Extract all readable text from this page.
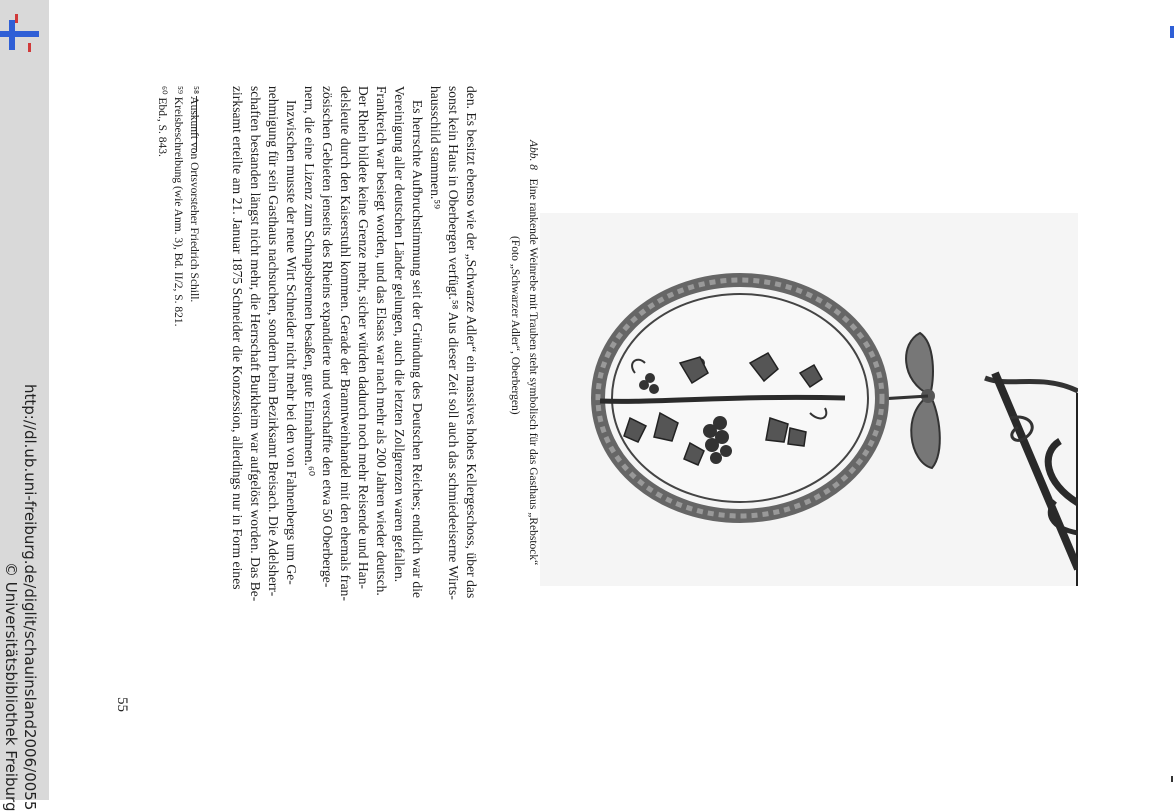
http://dl.ub.uni-freiburg.de/diglit/schauinsland2006/0055
© Universitätsbibliothek Freiburg	55
Abb. 8   Eine rankende Weinrebe mit Trauben steht symbolisch für das Gasthaus „Rebstock“
(Foto „Schwarzer Adler“, Oberbergen)
den. Es besitzt ebenso wie der „Schwarze Adler“ ein massives hohes Kellergeschoss, über das
sonst kein Haus in Oberbergen verfügt.⁵⁸ Aus dieser Zeit soll auch das schmiedeeiserne Wirts-
hausschild stammen.⁵⁹
Es herrschte Aufbruchstimmung seit der Gründung des Deutschen Reiches; endlich war die
Vereinigung aller deutschen Länder gelungen, auch die letzten Zollgrenzen waren gefallen.
Frankreich war besiegt worden, und das Elsass war nach mehr als 200 Jahren wieder deutsch.
Der Rhein bildete keine Grenze mehr, sicher würden dadurch noch mehr Reisende und Han-
delsleute durch den Kaiserstuhl kommen. Gerade der Branntweinhandel mit den ehemals fran-
zösischen Gebieten jenseits des Rheins expandierte und verschaffte den etwa 50 Oberberge-
nern, die eine Lizenz zum Schnapsbrennen besaßen, gute Einnahmen.⁶⁰
Inzwischen musste der neue Wirt Schneider nicht mehr bei den von Fahnenbergs um Ge-
nehmigung für sein Gasthaus nachsuchen, sondern beim Bezirksamt Breisach. Die Adelsherr-
schaften bestanden längst nicht mehr, die Herrschaft Burkheim war aufgelöst worden. Das Be-
zirksamt erteilte am 21. Januar 1875 Schneider die Konzession, allerdings nur in Form eines
⁵⁸ Auskunft von Ortsvorsteher Friedrich Schill.
⁵⁹ Kreisbeschreibung (wie Anm. 3), Bd. II/2, S. 821.
⁶⁰ Ebd., S. 843.
